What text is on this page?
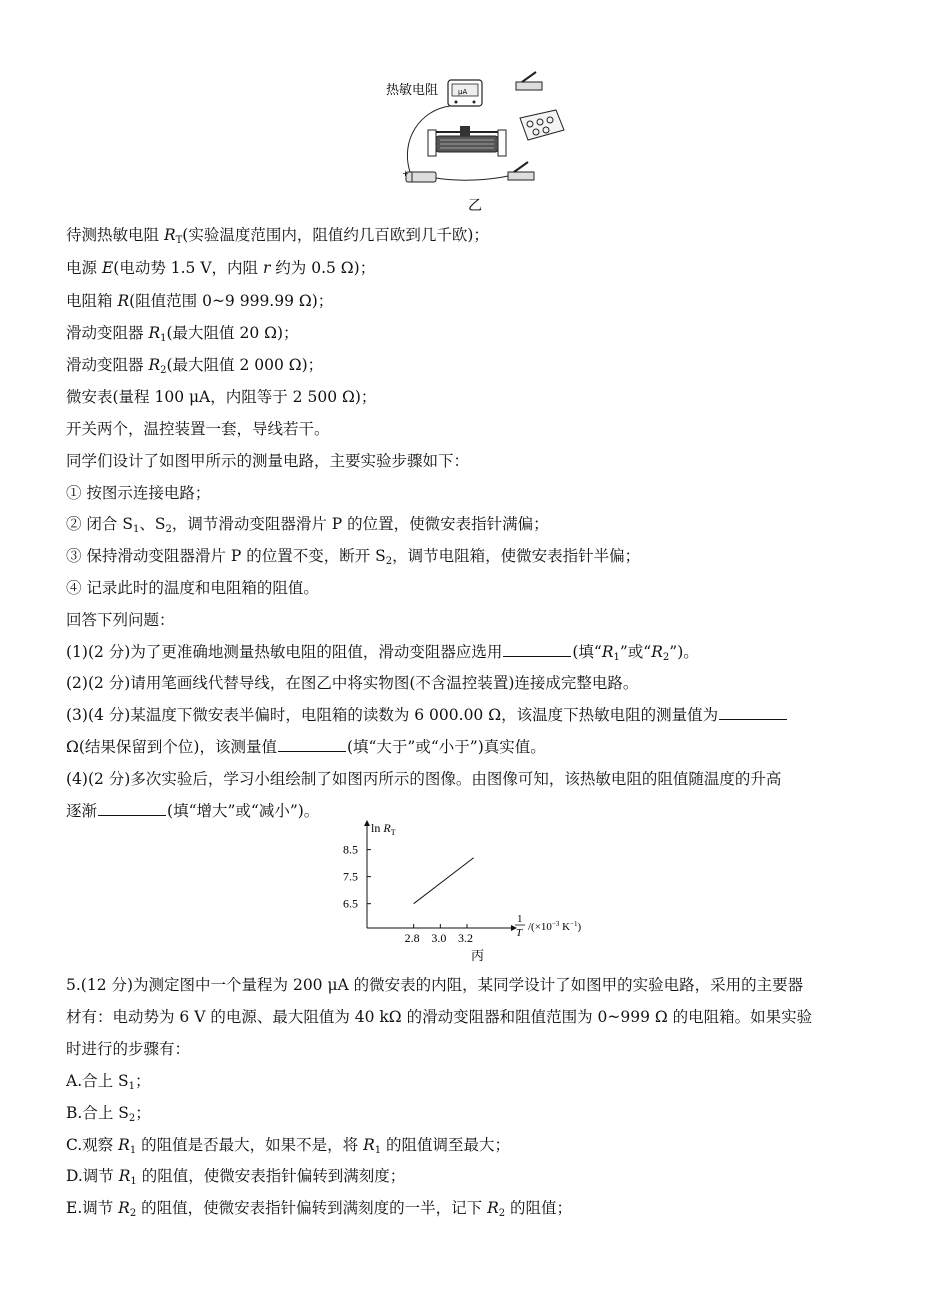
热敏电阻	μA
+
乙
待测热敏电阻 $R_T$(实验温度范围内，阻值约几百欧到几千欧)；
电源 E(电动势 1.5 V，内阻 r 约为 0.5 Ω)；
电阻箱 R(阻值范围 0~9 999.99 Ω)；
滑动变阻器 $R_1$(最大阻值 20 Ω)；
滑动变阻器 $R_2$(最大阻值 2 000 Ω)；
微安表(量程 100 μA，内阻等于 2 500 Ω)；
开关两个，温控装置一套，导线若干。
同学们设计了如图甲所示的测量电路，主要实验步骤如下：
① 按图示连接电路；
② 闭合 $S_1$、$S_2$，调节滑动变阻器滑片 P 的位置，使微安表指针满偏；
③ 保持滑动变阻器滑片 P 的位置不变，断开 $S_2$，调节电阻箱，使微安表指针半偏；
④ 记录此时的温度和电阻箱的阻值。
回答下列问题：
(1)(2 分)为了更准确地测量热敏电阻的阻值，滑动变阻器应选用	(填“$R_1$”或“$R_2$”)。
(2)(2 分)请用笔画线代替导线，在图乙中将实物图(不含温控装置)连接成完整电路。
(3)(4 分)某温度下微安表半偏时，电阻箱的读数为 6 000.00 Ω，该温度下热敏电阻的测量值为
Ω(结果保留到个位)，该测量值	(填“大于”或“小于”)真实值。
(4)(2 分)多次实验后，学习小组绘制了如图丙所示的图像。由图像可知，该热敏电阻的阻值随温度的升高
逐渐	(填“增大”或“减小”)。
2.8 3.0 3.2
6.5
7.5
8.5
$\ln R_T$
1
T $/(\times 10^{-3}$ $K^{-1}$)
丙
5.(12 分)为测定图中一个量程为 200 μA 的微安表的内阻，某同学设计了如图甲的实验电路，采用的主要器
材有：电动势为 6 V 的电源、最大阻值为 40 kΩ 的滑动变阻器和阻值范围为 0~999 Ω 的电阻箱。如果实验
时进行的步骤有：
A.合上 $S_1$；
B.合上 $S_2$；
C.观察 $R_1$ 的阻值是否最大，如果不是，将 $R_1$ 的阻值调至最大；
D.调节 $R_1$ 的阻值，使微安表指针偏转到满刻度；
E.调节 $R_2$ 的阻值，使微安表指针偏转到满刻度的一半，记下 $R_2$ 的阻值；
